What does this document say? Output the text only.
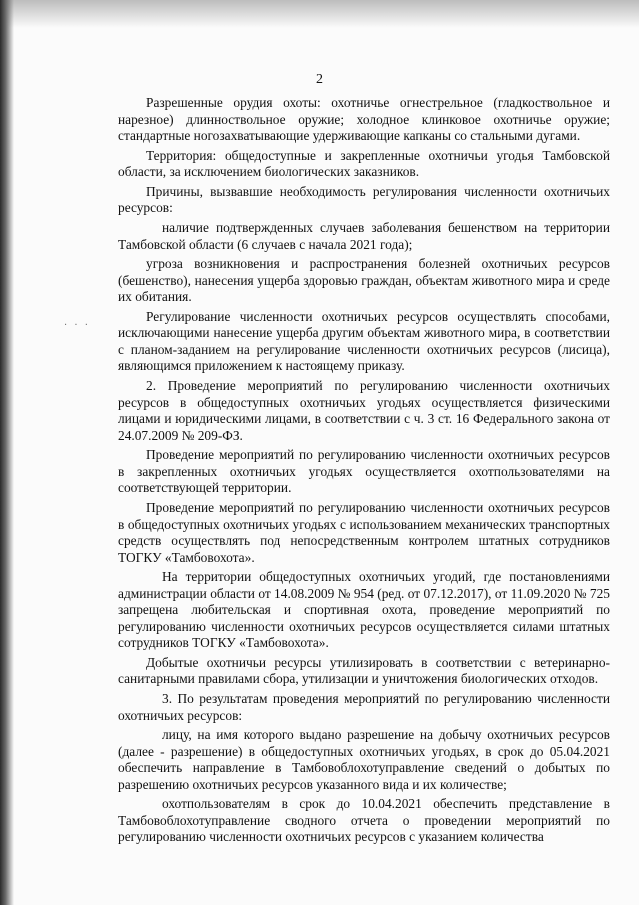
· · ·
2

Разрешенные орудия охоты: охотничье огнестрельное (гладкоствольное и нарезное) длинноствольное оружие; холодное клинковое охотничье оружие; стандартные ногозахватывающие удерживающие капканы со стальными дугами.

Территория: общедоступные и закрепленные охотничьи угодья Тамбовской области, за исключением биологических заказников.

Причины, вызвавшие необходимость регулирования численности охотничьих ресурсов:

наличие подтвержденных случаев заболевания бешенством на территории Тамбовской области (6 случаев с начала 2021 года);

угроза возникновения и распространения болезней охотничьих ресурсов (бешенство), нанесения ущерба здоровью граждан, объектам животного мира и среде их обитания.

Регулирование численности охотничьих ресурсов осуществлять способами, исключающими нанесение ущерба другим объектам животного мира, в соответствии с планом-заданием на регулирование численности охотничьих ресурсов (лисица), являющимся приложением к настоящему приказу.

2. Проведение мероприятий по регулированию численности охотничьих ресурсов в общедоступных охотничьих угодьях осуществляется физическими лицами и юридическими лицами, в соответствии с ч. 3 ст. 16 Федерального закона от 24.07.2009 № 209-ФЗ.

Проведение мероприятий по регулированию численности охотничьих ресурсов в закрепленных охотничьих угодьях осуществляется охотпользователями на соответствующей территории.

Проведение мероприятий по регулированию численности охотничьих ресурсов в общедоступных охотничьих угодьях с использованием механических транспортных средств осуществлять под непосредственным контролем штатных сотрудников ТОГКУ «Тамбовохота».

На территории общедоступных охотничьих угодий, где постановлениями администрации области от 14.08.2009 № 954 (ред. от 07.12.2017), от 11.09.2020 № 725 запрещена любительская и спортивная охота, проведение мероприятий по регулированию численности охотничьих ресурсов осуществляется силами штатных сотрудников ТОГКУ «Тамбовохота».

Добытые охотничьи ресурсы утилизировать в соответствии с ветеринарно-санитарными правилами сбора, утилизации и уничтожения биологических отходов.

3. По результатам проведения мероприятий по регулированию численности охотничьих ресурсов:

лицу, на имя которого выдано разрешение на добычу охотничьих ресурсов (далее - разрешение) в общедоступных охотничьих угодьях, в срок до 05.04.2021 обеспечить направление в Тамбовоблохотуправление сведений о добытых по разрешению охотничьих ресурсов указанного вида и их количестве;

охотпользователям в срок до 10.04.2021 обеспечить представление в Тамбовоблохотуправление сводного отчета о проведении мероприятий по регулированию численности охотничьих ресурсов с указанием количества
